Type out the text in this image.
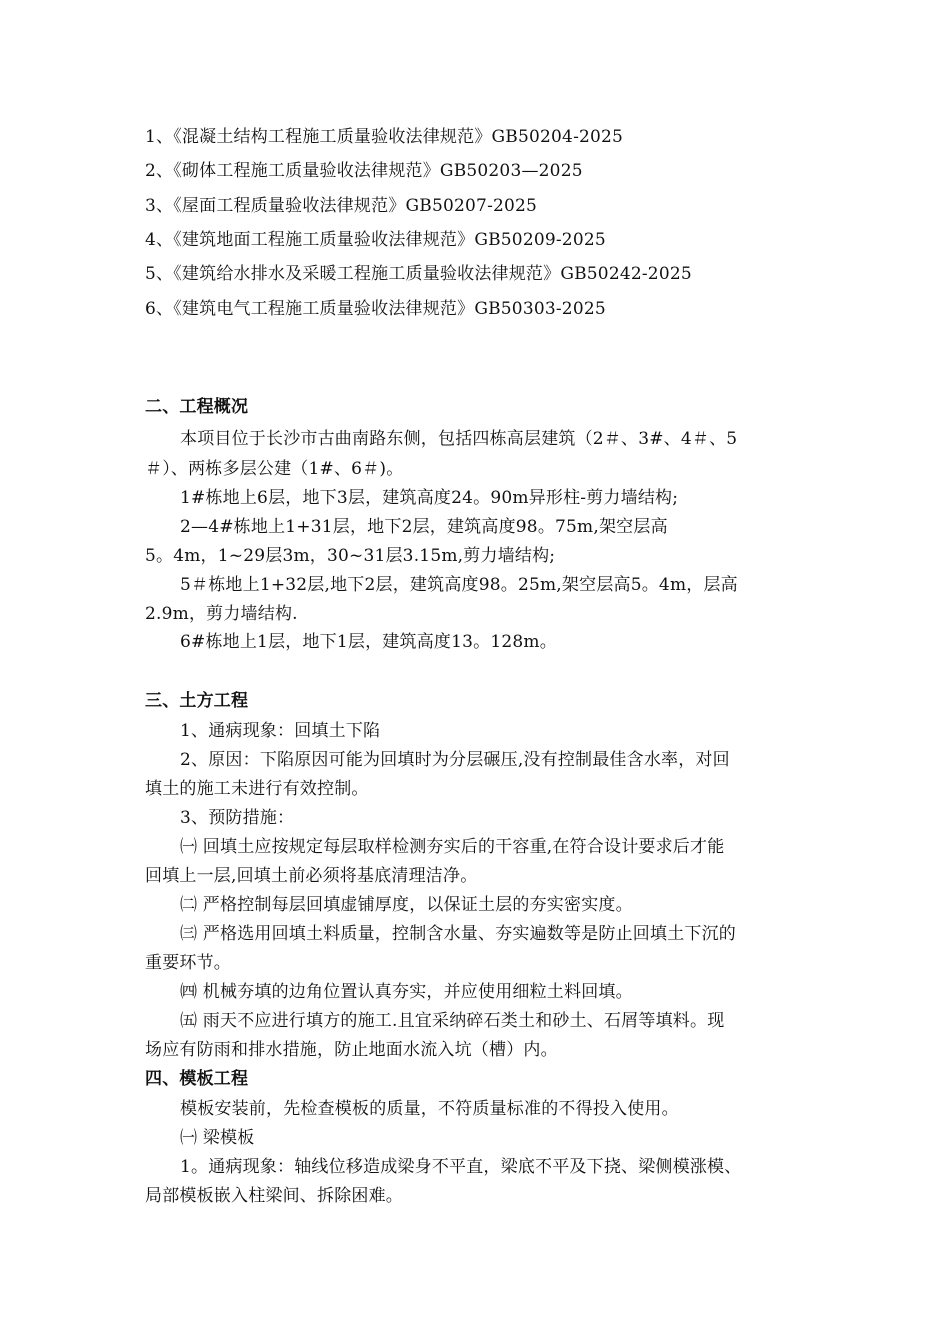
1、《混凝土结构工程施工质量验收法律规范》GB50204-2025
2、《砌体工程施工质量验收法律规范》GB50203—2025
3、《屋面工程质量验收法律规范》GB50207-2025
4、《建筑地面工程施工质量验收法律规范》GB50209-2025
5、《建筑给水排水及采暖工程施工质量验收法律规范》GB50242-2025
6、《建筑电气工程施工质量验收法律规范》GB50303-2025
二、工程概况
本项目位于长沙市古曲南路东侧，包括四栋高层建筑（2＃、3#、4＃、5
＃）、两栋多层公建（1#、6＃)。
1#栋地上6层，地下3层，建筑高度24。90m异形柱-剪力墙结构;
2—4#栋地上1+31层，地下2层，建筑高度98。75m,架空层高
5。4m，1~29层3m，30~31层3.15m,剪力墙结构;
5＃栋地上1+32层,地下2层，建筑高度98。25m,架空层高5。4m，层高
2.9m，剪力墙结构.
6#栋地上1层，地下1层，建筑高度13。128m。
三、土方工程
1、通病现象：回填土下陷
2、原因：下陷原因可能为回填时为分层碾压,没有控制最佳含水率，对回
填土的施工未进行有效控制。
3、预防措施：
㈠ 回填土应按规定每层取样检测夯实后的干容重,在符合设计要求后才能
回填上一层,回填土前必须将基底清理洁净。
㈡ 严格控制每层回填虚铺厚度，以保证土层的夯实密实度。
㈢ 严格选用回填土料质量，控制含水量、夯实遍数等是防止回填土下沉的
重要环节。
㈣ 机械夯填的边角位置认真夯实，并应使用细粒土料回填。
㈤ 雨天不应进行填方的施工.且宜采纳碎石类土和砂土、石屑等填料。现
场应有防雨和排水措施，防止地面水流入坑（槽）内。
四、模板工程
模板安装前，先检查模板的质量，不符质量标准的不得投入使用。
㈠ 梁模板
1。通病现象：轴线位移造成梁身不平直，梁底不平及下挠、梁侧模涨模、
局部模板嵌入柱梁间、拆除困难。
